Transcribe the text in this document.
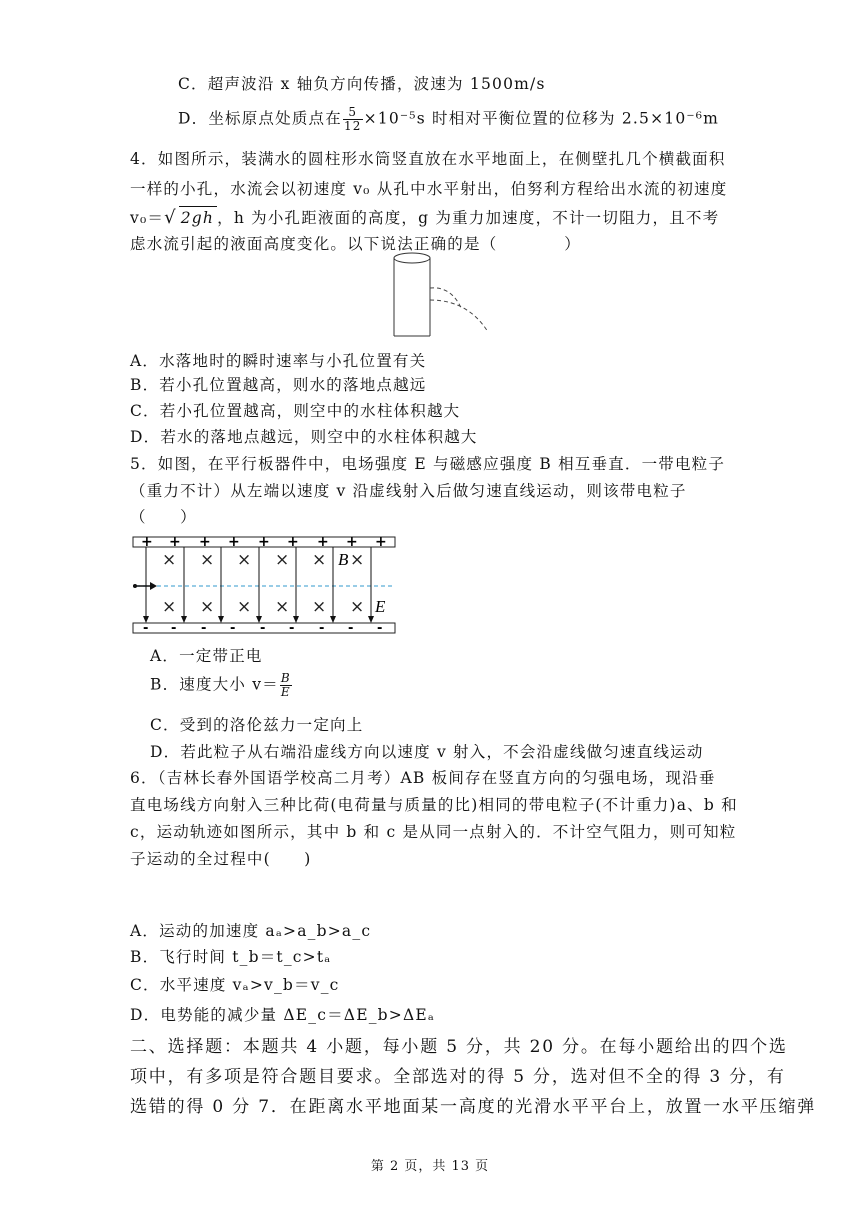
C．超声波沿 x 轴负方向传播，波速为 1500m/s
D．坐标原点处质点在 $\frac{5}{12} \times 10^{-5}s$ 时相对平衡位置的位移为 2.5×10⁻⁶m
4．如图所示，装满水的圆柱形水筒竖直放在水平地面上，在侧壁扎几个横截面积
一样的小孔，水流会以初速度 v₀ 从孔中水平射出，伯努利方程给出水流的初速度
v₀＝√ 2gh ，h 为小孔距液面的高度，g 为重力加速度，不计一切阻力，且不考
虑水流引起的液面高度变化。以下说法正确的是（　　　　）
A．水落地时的瞬时速率与小孔位置有关
B．若小孔位置越高，则水的落地点越远
C．若小孔位置越高，则空中的水柱体积越大
D．若水的落地点越远，则空中的水柱体积越大
5．如图，在平行板器件中，电场强度 E 与磁感应强度 B 相互垂直．一带电粒子
（重力不计）从左端以速度 v 沿虚线射入后做匀速直线运动，则该带电粒子
（　　）
× × × × × ×
× × × × × ×
+
-
+
-
+
-
+
-
+
-
+
-
+
-
+
-
+
-
B
E
A．一定带正电
B．速度大小 $v= \frac{B}{E}$
C．受到的洛伦兹力一定向上
D．若此粒子从右端沿虚线方向以速度 v 射入，不会沿虚线做匀速直线运动
6．（吉林长春外国语学校高二月考）AB 板间存在竖直方向的匀强电场，现沿垂
直电场线方向射入三种比荷(电荷量与质量的比)相同的带电粒子(不计重力)a、b 和
c，运动轨迹如图所示，其中 b 和 c 是从同一点射入的．不计空气阻力，则可知粒
子运动的全过程中(　　)
A．运动的加速度 aₐ>a_b>a_c
B．飞行时间 t_b＝t_c>tₐ
C．水平速度 vₐ>v_b＝v_c
D．电势能的减少量 ΔE_c＝ΔE_b>ΔEₐ
二、选择题：本题共 4 小题，每小题 5 分，共 20 分。在每小题给出的四个选
项中，有多项是符合题目要求。全部选对的得 5 分，选对但不全的得 3 分，有
选错的得 0 分 7．在距离水平地面某一高度的光滑水平平台上，放置一水平压缩弹
第 2 页，共 13 页
